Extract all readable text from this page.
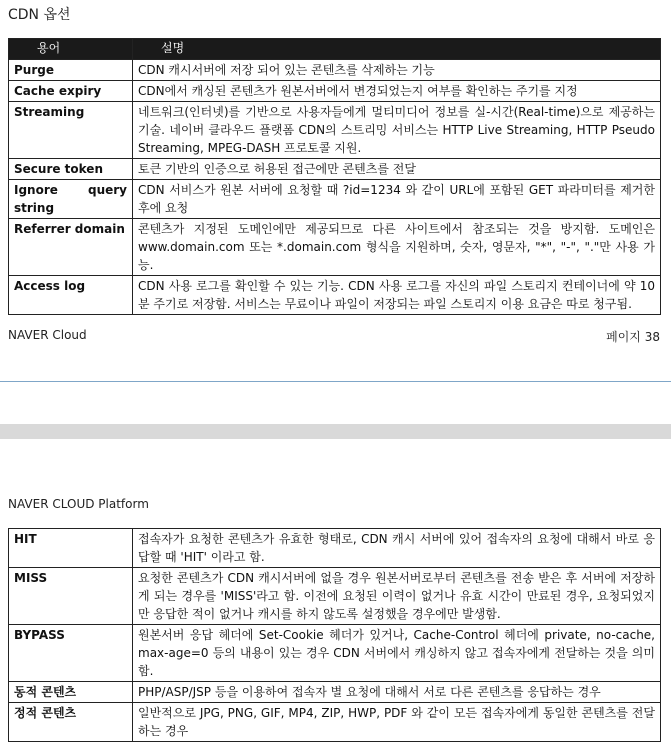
CDN 옵션
용어	설명
Purge	CDN 캐시서버에 저장 되어 있는 콘텐츠를 삭제하는 기능
Cache expiry	CDN에서 캐싱된 콘텐츠가 원본서버에서 변경되었는지 여부를 확인하는 주기를 지정
Streaming	네트워크(인터넷)를 기반으로 사용자들에게 멀티미디어 정보를 실-시간(Real-time)으로 제공하는 기술. 네이버 클라우드 플랫폼 CDN의 스트리밍 서비스는 HTTP Live Streaming, HTTP Pseudo Streaming, MPEG-DASH 프로토콜 지원.
Secure token	토큰 기반의 인증으로 허용된 접근에만 콘텐츠를 전달
Ignore query string	CDN 서비스가 원본 서버에 요청할 때 ?id=1234 와 같이 URL에 포함된 GET 파라미터를 제거한 후에 요청
Referrer domain	콘텐츠가 지정된 도메인에만 제공되므로 다른 사이트에서 참조되는 것을 방지함. 도메인은 www.domain.com 또는 *.domain.com 형식을 지원하며, 숫자, 영문자, "*", "-", "."만 사용 가능.
Access log	CDN 사용 로그를 확인할 수 있는 기능. CDN 사용 로그를 자신의 파일 스토리지 컨테이너에 약 10분 주기로 저장함. 서비스는 무료이나 파일이 저장되는 파일 스토리지 이용 요금은 따로 청구됨.
NAVER Cloud	페이지 38
NAVER CLOUD Platform
HIT	접속자가 요청한 콘텐츠가 유효한 형태로, CDN 캐시 서버에 있어 접속자의 요청에 대해서 바로 응답할 때 'HIT' 이라고 함.
MISS	요청한 콘텐츠가 CDN 캐시서버에 없을 경우 원본서버로부터 콘텐츠를 전송 받은 후 서버에 저장하게 되는 경우를 'MISS'라고 함. 이전에 요청된 이력이 없거나 유효 시간이 만료된 경우, 요청되었지만 응답한 적이 없거나 캐시를 하지 않도록 설정했을 경우에만 발생함.
BYPASS	원본서버 응답 헤더에 Set-Cookie 헤더가 있거나, Cache-Control 헤더에 private, no-cache, max-age=0 등의 내용이 있는 경우 CDN 서버에서 캐싱하지 않고 접속자에게 전달하는 것을 의미함.
동적 콘텐츠	PHP/ASP/JSP 등을 이용하여 접속자 별 요청에 대해서 서로 다른 콘텐츠를 응답하는 경우
정적 콘텐츠	일반적으로 JPG, PNG, GIF, MP4, ZIP, HWP, PDF 와 같이 모든 접속자에게 동일한 콘텐츠를 전달하는 경우
